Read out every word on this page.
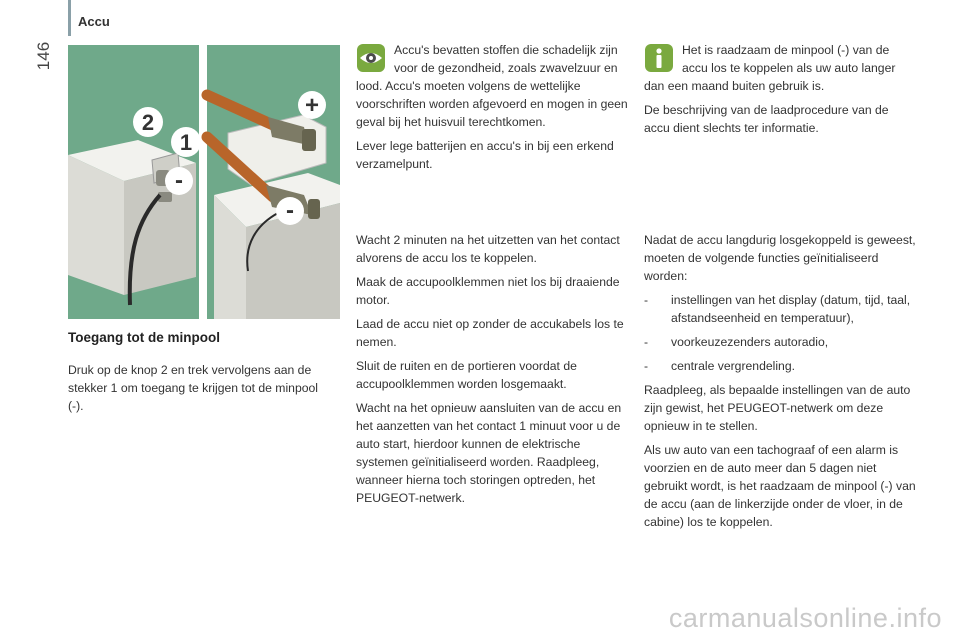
Accu
146
2
1
-
+
-
Toegang tot de minpool

Druk op de knop 2 en trek vervolgens aan de stekker 1 om toegang te krijgen tot de minpool (-).

Accu's bevatten stoffen die schadelijk zijn voor de gezondheid, zoals zwavelzuur en lood. Accu's moeten volgens de wettelijke voorschriften worden afgevoerd en mogen in geen geval bij het huisvuil terechtkomen.

Lever lege batterijen en accu's in bij een erkend verzamelpunt.

Wacht 2 minuten na het uitzetten van het contact alvorens de accu los te koppelen.

Maak de accupoolklemmen niet los bij draaiende motor.

Laad de accu niet op zonder de accukabels los te nemen.

Sluit de ruiten en de portieren voordat de accupoolklemmen worden losgemaakt.

Wacht na het opnieuw aansluiten van de accu en het aanzetten van het contact 1 minuut voor u de auto start, hierdoor kunnen de elektrische systemen geïnitialiseerd worden. Raadpleeg, wanneer hierna toch storingen optreden, het PEUGEOT-netwerk.

Het is raadzaam de minpool (-) van de accu los te koppelen als uw auto langer dan een maand buiten gebruik is.

De beschrijving van de laadprocedure van de accu dient slechts ter informatie.

Nadat de accu langdurig losgekoppeld is geweest, moeten de volgende functies geïnitialiseerd worden:

- instellingen van het display (datum, tijd, taal, afstandseenheid en temperatuur),
- voorkeuzezenders autoradio,
- centrale vergrendeling.

Raadpleeg, als bepaalde instellingen van de auto zijn gewist, het PEUGEOT-netwerk om deze opnieuw in te stellen.

Als uw auto van een tachograaf of een alarm is voorzien en de auto meer dan 5 dagen niet gebruikt wordt, is het raadzaam de minpool (-) van de accu (aan de linkerzijde onder de vloer, in de cabine) los te koppelen.

carmanualsonline.info
